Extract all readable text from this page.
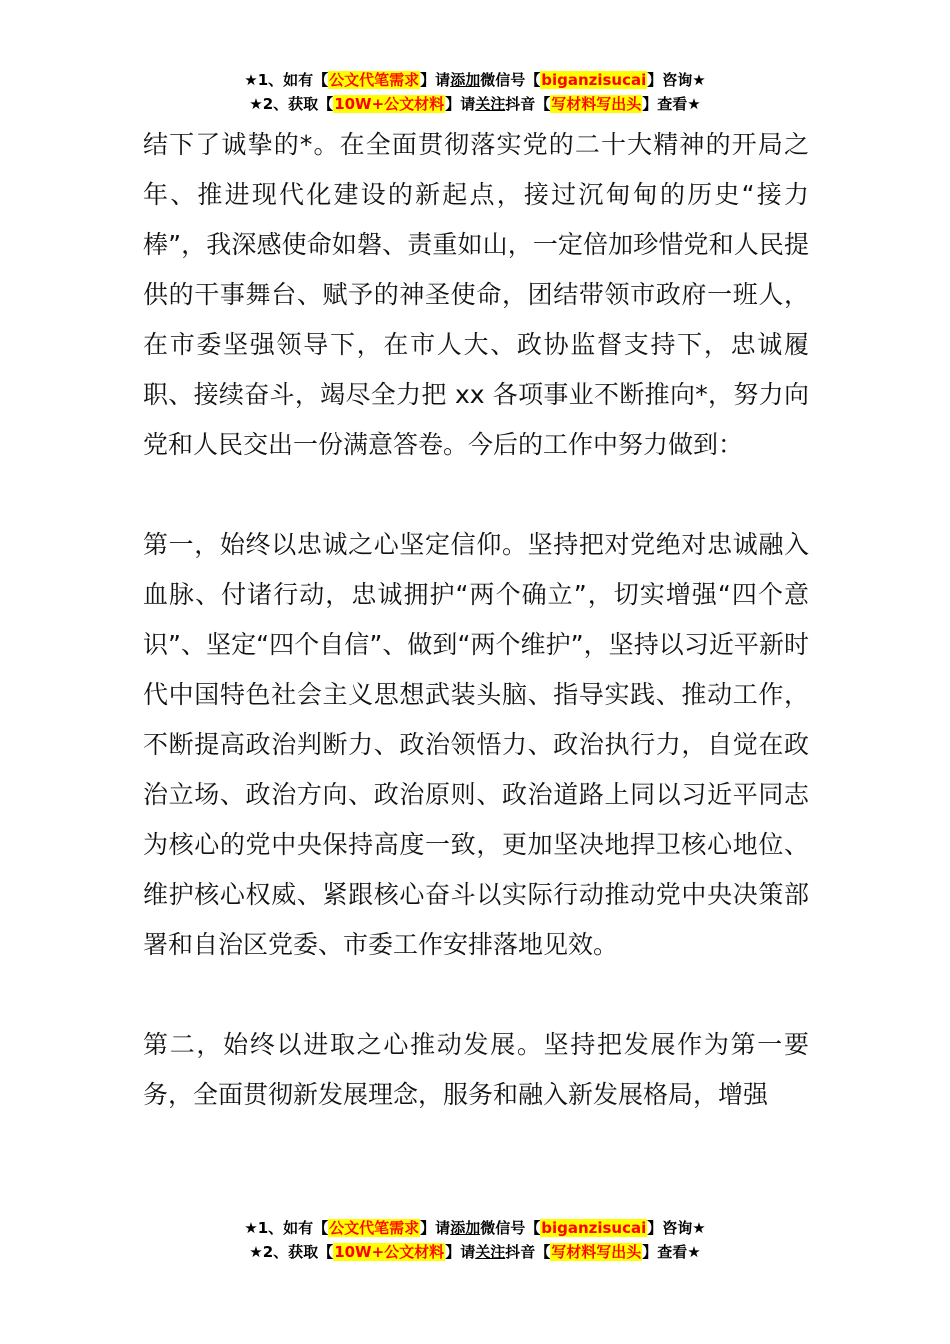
★1、如有【公文代笔需求】请添加微信号【biganzisucai】咨询★
★2、获取【10W+公文材料】请关注抖音【写材料写出头】查看★

结下了诚挚的*。在全面贯彻落实党的二十大精神的开局之年、推进现代化建设的新起点，接过沉甸甸的历史“接力棒”，我深感使命如磐、责重如山，一定倍加珍惜党和人民提供的干事舞台、赋予的神圣使命，团结带领市政府一班人，在市委坚强领导下，在市人大、政协监督支持下，忠诚履职、接续奋斗，竭尽全力把 xx 各项事业不断推向*，努力向党和人民交出一份满意答卷。今后的工作中努力做到：

第一，始终以忠诚之心坚定信仰。坚持把对党绝对忠诚融入血脉、付诸行动，忠诚拥护“两个确立”，切实增强“四个意识”、坚定“四个自信”、做到“两个维护”，坚持以习近平新时代中国特色社会主义思想武装头脑、指导实践、推动工作，不断提高政治判断力、政治领悟力、政治执行力，自觉在政治立场、政治方向、政治原则、政治道路上同以习近平同志为核心的党中央保持高度一致，更加坚决地捍卫核心地位、维护核心权威、紧跟核心奋斗以实际行动推动党中央决策部署和自治区党委、市委工作安排落地见效。

第二，始终以进取之心推动发展。坚持把发展作为第一要务，全面贯彻新发展理念，服务和融入新发展格局，增强

★1、如有【公文代笔需求】请添加微信号【biganzisucai】咨询★
★2、获取【10W+公文材料】请关注抖音【写材料写出头】查看★
